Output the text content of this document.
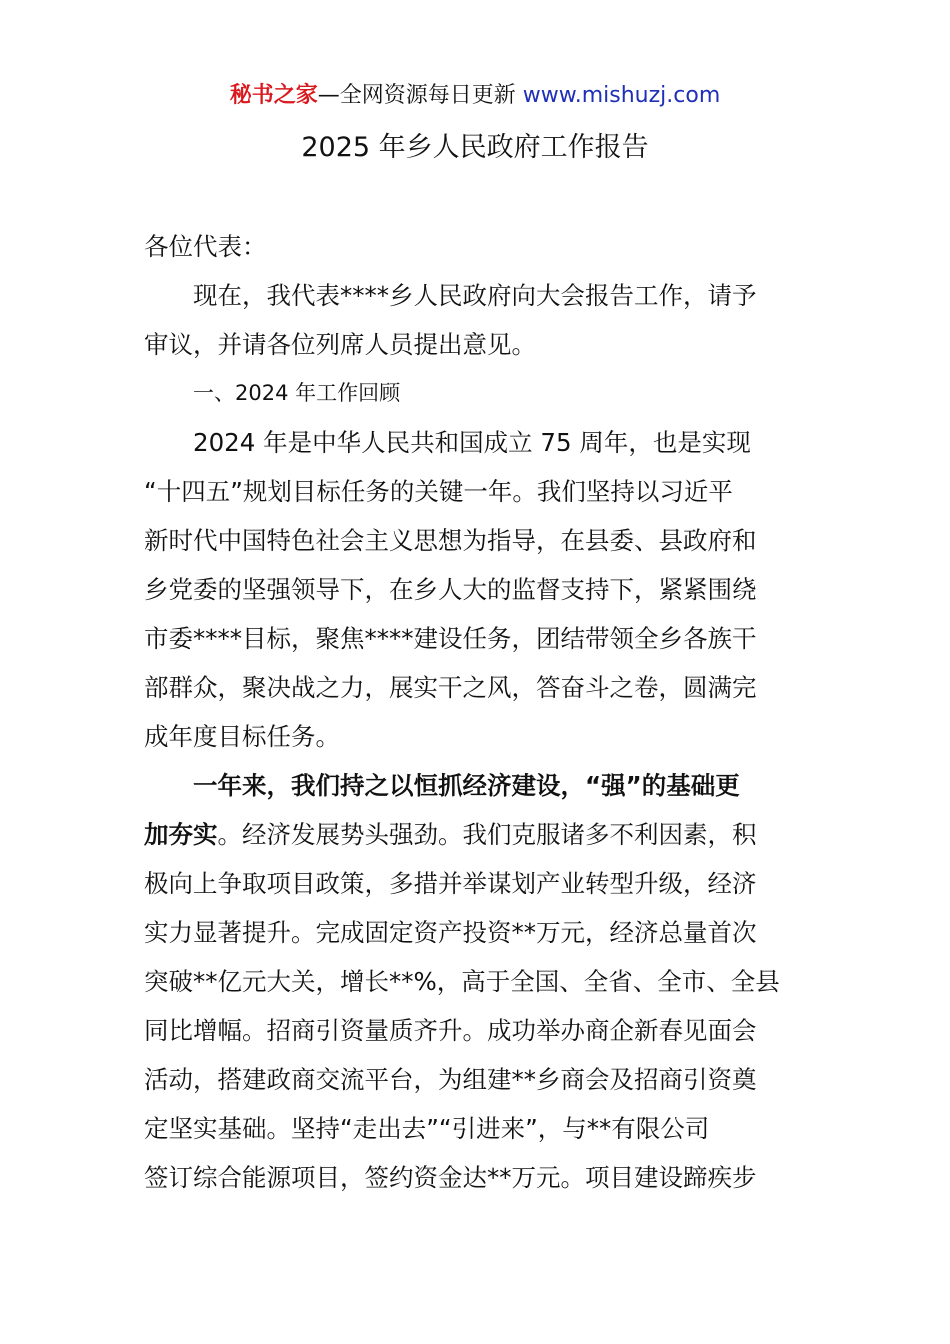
秘书之家—全网资源每日更新 www.mishuzj.com
2025 年乡人民政府工作报告
各位代表：
现在，我代表****乡人民政府向大会报告工作，请予
审议，并请各位列席人员提出意见。
一、2024 年工作回顾
2024 年是中华人民共和国成立 75 周年，也是实现
“十四五”规划目标任务的关键一年。我们坚持以习近平
新时代中国特色社会主义思想为指导，在县委、县政府和
乡党委的坚强领导下，在乡人大的监督支持下，紧紧围绕
市委****目标，聚焦****建设任务，团结带领全乡各族干
部群众，聚决战之力，展实干之风，答奋斗之卷，圆满完
成年度目标任务。
一年来，我们持之以恒抓经济建设，“强”的基础更
加夯实。经济发展势头强劲。我们克服诸多不利因素，积
极向上争取项目政策，多措并举谋划产业转型升级，经济
实力显著提升。完成固定资产投资**万元，经济总量首次
突破**亿元大关，增长**%，高于全国、全省、全市、全县
同比增幅。招商引资量质齐升。成功举办商企新春见面会
活动，搭建政商交流平台，为组建**乡商会及招商引资奠
定坚实基础。坚持“走出去”“引进来”，与**有限公司
签订综合能源项目，签约资金达**万元。项目建设蹄疾步
